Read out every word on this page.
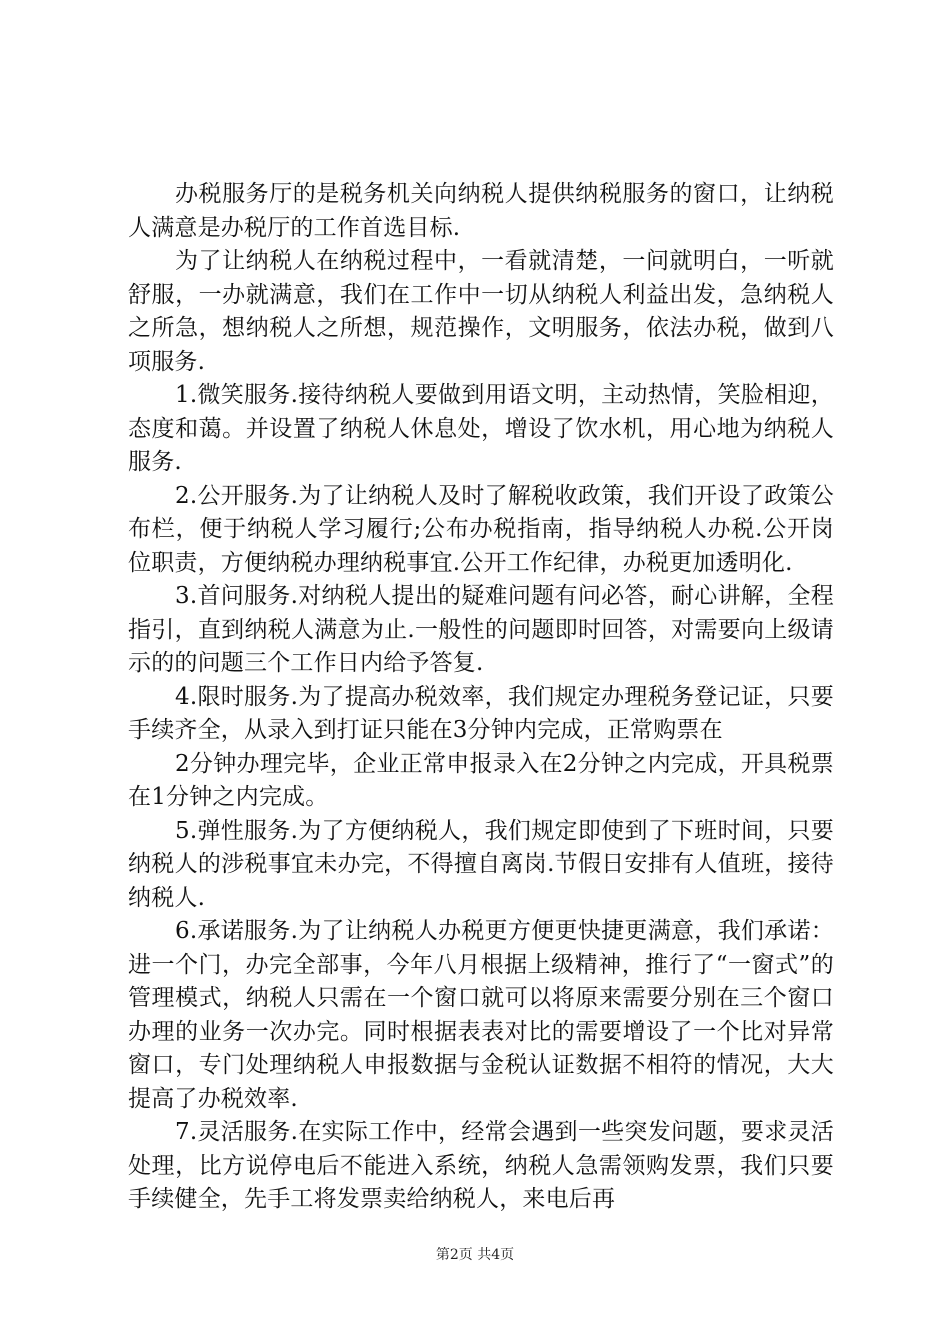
办税服务厅的是税务机关向纳税人提供纳税服务的窗口，让纳税人满意是办税厅的工作首选目标.

为了让纳税人在纳税过程中，一看就清楚，一问就明白，一听就舒服，一办就满意，我们在工作中一切从纳税人利益出发，急纳税人之所急，想纳税人之所想，规范操作，文明服务，依法办税，做到八项服务.

1.微笑服务.接待纳税人要做到用语文明，主动热情，笑脸相迎，态度和蔼。并设置了纳税人休息处，增设了饮水机，用心地为纳税人服务.

2.公开服务.为了让纳税人及时了解税收政策，我们开设了政策公布栏，便于纳税人学习履行;公布办税指南，指导纳税人办税.公开岗位职责，方便纳税办理纳税事宜.公开工作纪律，办税更加透明化.

3.首问服务.对纳税人提出的疑难问题有问必答，耐心讲解，全程指引，直到纳税人满意为止.一般性的问题即时回答，对需要向上级请示的的问题三个工作日内给予答复.

4.限时服务.为了提高办税效率，我们规定办理税务登记证，只要手续齐全，从录入到打证只能在3分钟内完成，正常购票在

2分钟办理完毕，企业正常申报录入在2分钟之内完成，开具税票在1分钟之内完成。

5.弹性服务.为了方便纳税人，我们规定即使到了下班时间，只要纳税人的涉税事宜未办完，不得擅自离岗.节假日安排有人值班，接待纳税人.

6.承诺服务.为了让纳税人办税更方便更快捷更满意，我们承诺：进一个门，办完全部事，今年八月根据上级精神，推行了“一窗式”的管理模式，纳税人只需在一个窗口就可以将原来需要分别在三个窗口办理的业务一次办完。同时根据表表对比的需要增设了一个比对异常窗口，专门处理纳税人申报数据与金税认证数据不相符的情况，大大提高了办税效率.

7.灵活服务.在实际工作中，经常会遇到一些突发问题，要求灵活处理，比方说停电后不能进入系统，纳税人急需领购发票，我们只要手续健全，先手工将发票卖给纳税人，来电后再

第2页 共4页
